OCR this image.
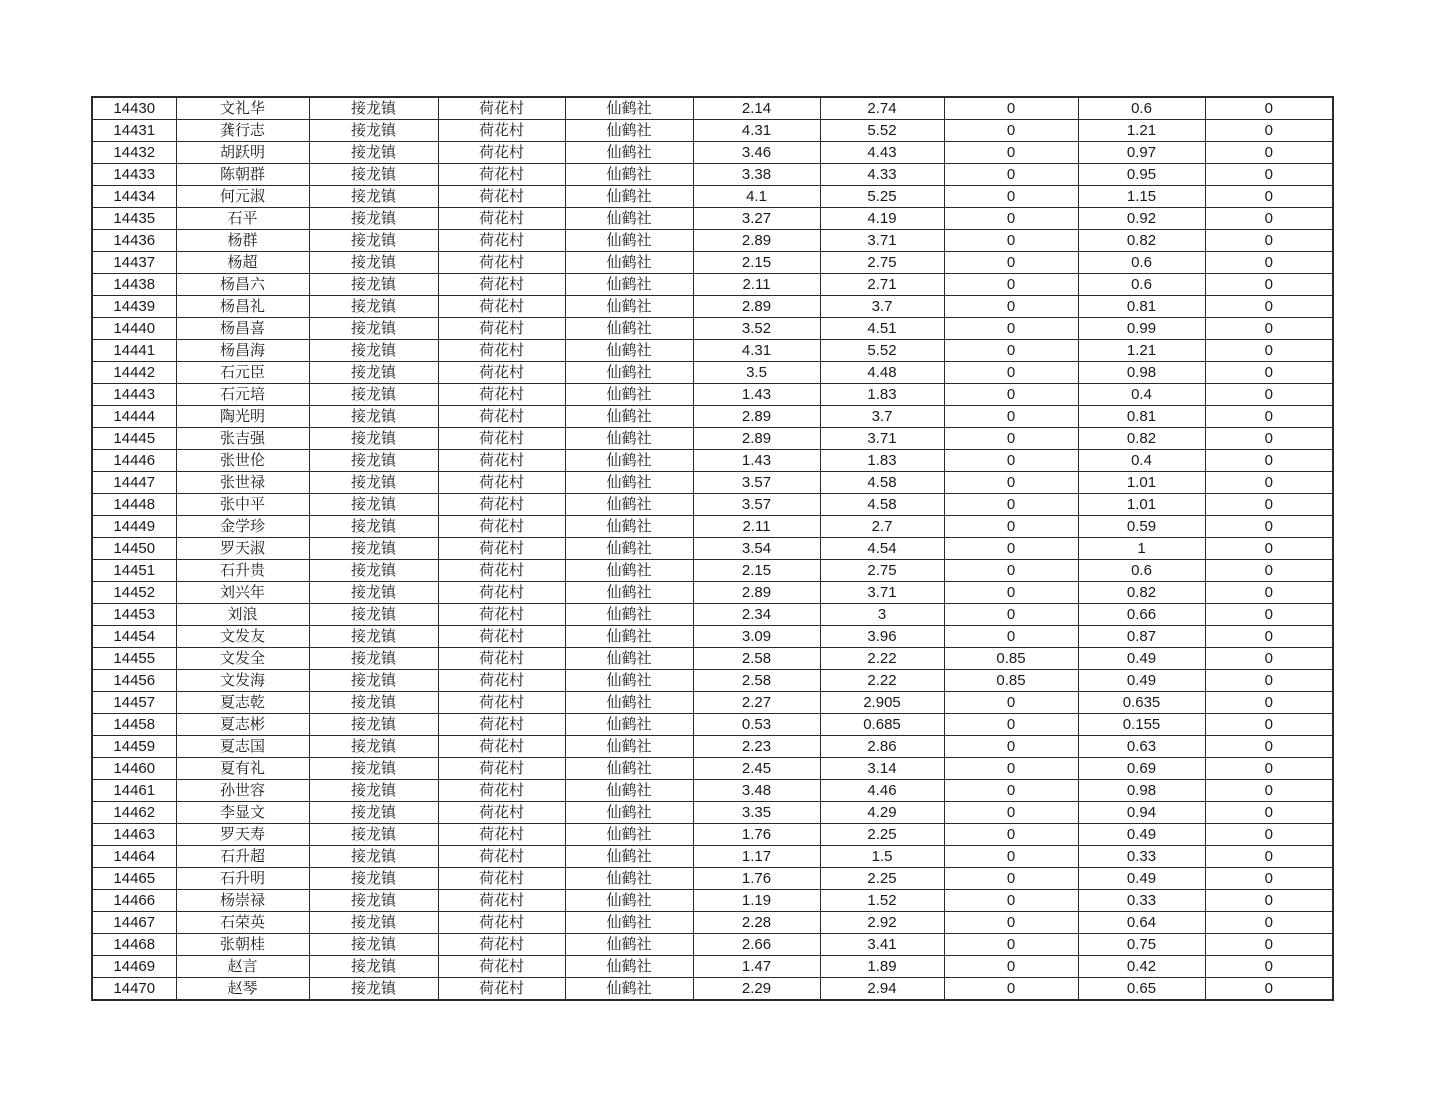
14430	文礼华	接龙镇	荷花村	仙鹤社	2.14	2.74	0	0.6	0
14431	龚行志	接龙镇	荷花村	仙鹤社	4.31	5.52	0	1.21	0
14432	胡跃明	接龙镇	荷花村	仙鹤社	3.46	4.43	0	0.97	0
14433	陈朝群	接龙镇	荷花村	仙鹤社	3.38	4.33	0	0.95	0
14434	何元淑	接龙镇	荷花村	仙鹤社	4.1	5.25	0	1.15	0
14435	石平	接龙镇	荷花村	仙鹤社	3.27	4.19	0	0.92	0
14436	杨群	接龙镇	荷花村	仙鹤社	2.89	3.71	0	0.82	0
14437	杨超	接龙镇	荷花村	仙鹤社	2.15	2.75	0	0.6	0
14438	杨昌六	接龙镇	荷花村	仙鹤社	2.11	2.71	0	0.6	0
14439	杨昌礼	接龙镇	荷花村	仙鹤社	2.89	3.7	0	0.81	0
14440	杨昌喜	接龙镇	荷花村	仙鹤社	3.52	4.51	0	0.99	0
14441	杨昌海	接龙镇	荷花村	仙鹤社	4.31	5.52	0	1.21	0
14442	石元臣	接龙镇	荷花村	仙鹤社	3.5	4.48	0	0.98	0
14443	石元培	接龙镇	荷花村	仙鹤社	1.43	1.83	0	0.4	0
14444	陶光明	接龙镇	荷花村	仙鹤社	2.89	3.7	0	0.81	0
14445	张吉强	接龙镇	荷花村	仙鹤社	2.89	3.71	0	0.82	0
14446	张世伦	接龙镇	荷花村	仙鹤社	1.43	1.83	0	0.4	0
14447	张世禄	接龙镇	荷花村	仙鹤社	3.57	4.58	0	1.01	0
14448	张中平	接龙镇	荷花村	仙鹤社	3.57	4.58	0	1.01	0
14449	金学珍	接龙镇	荷花村	仙鹤社	2.11	2.7	0	0.59	0
14450	罗天淑	接龙镇	荷花村	仙鹤社	3.54	4.54	0	1	0
14451	石升贵	接龙镇	荷花村	仙鹤社	2.15	2.75	0	0.6	0
14452	刘兴年	接龙镇	荷花村	仙鹤社	2.89	3.71	0	0.82	0
14453	刘浪	接龙镇	荷花村	仙鹤社	2.34	3	0	0.66	0
14454	文发友	接龙镇	荷花村	仙鹤社	3.09	3.96	0	0.87	0
14455	文发全	接龙镇	荷花村	仙鹤社	2.58	2.22	0.85	0.49	0
14456	文发海	接龙镇	荷花村	仙鹤社	2.58	2.22	0.85	0.49	0
14457	夏志乾	接龙镇	荷花村	仙鹤社	2.27	2.905	0	0.635	0
14458	夏志彬	接龙镇	荷花村	仙鹤社	0.53	0.685	0	0.155	0
14459	夏志国	接龙镇	荷花村	仙鹤社	2.23	2.86	0	0.63	0
14460	夏有礼	接龙镇	荷花村	仙鹤社	2.45	3.14	0	0.69	0
14461	孙世容	接龙镇	荷花村	仙鹤社	3.48	4.46	0	0.98	0
14462	李显文	接龙镇	荷花村	仙鹤社	3.35	4.29	0	0.94	0
14463	罗天寿	接龙镇	荷花村	仙鹤社	1.76	2.25	0	0.49	0
14464	石升超	接龙镇	荷花村	仙鹤社	1.17	1.5	0	0.33	0
14465	石升明	接龙镇	荷花村	仙鹤社	1.76	2.25	0	0.49	0
14466	杨崇禄	接龙镇	荷花村	仙鹤社	1.19	1.52	0	0.33	0
14467	石荣英	接龙镇	荷花村	仙鹤社	2.28	2.92	0	0.64	0
14468	张朝桂	接龙镇	荷花村	仙鹤社	2.66	3.41	0	0.75	0
14469	赵言	接龙镇	荷花村	仙鹤社	1.47	1.89	0	0.42	0
14470	赵琴	接龙镇	荷花村	仙鹤社	2.29	2.94	0	0.65	0
